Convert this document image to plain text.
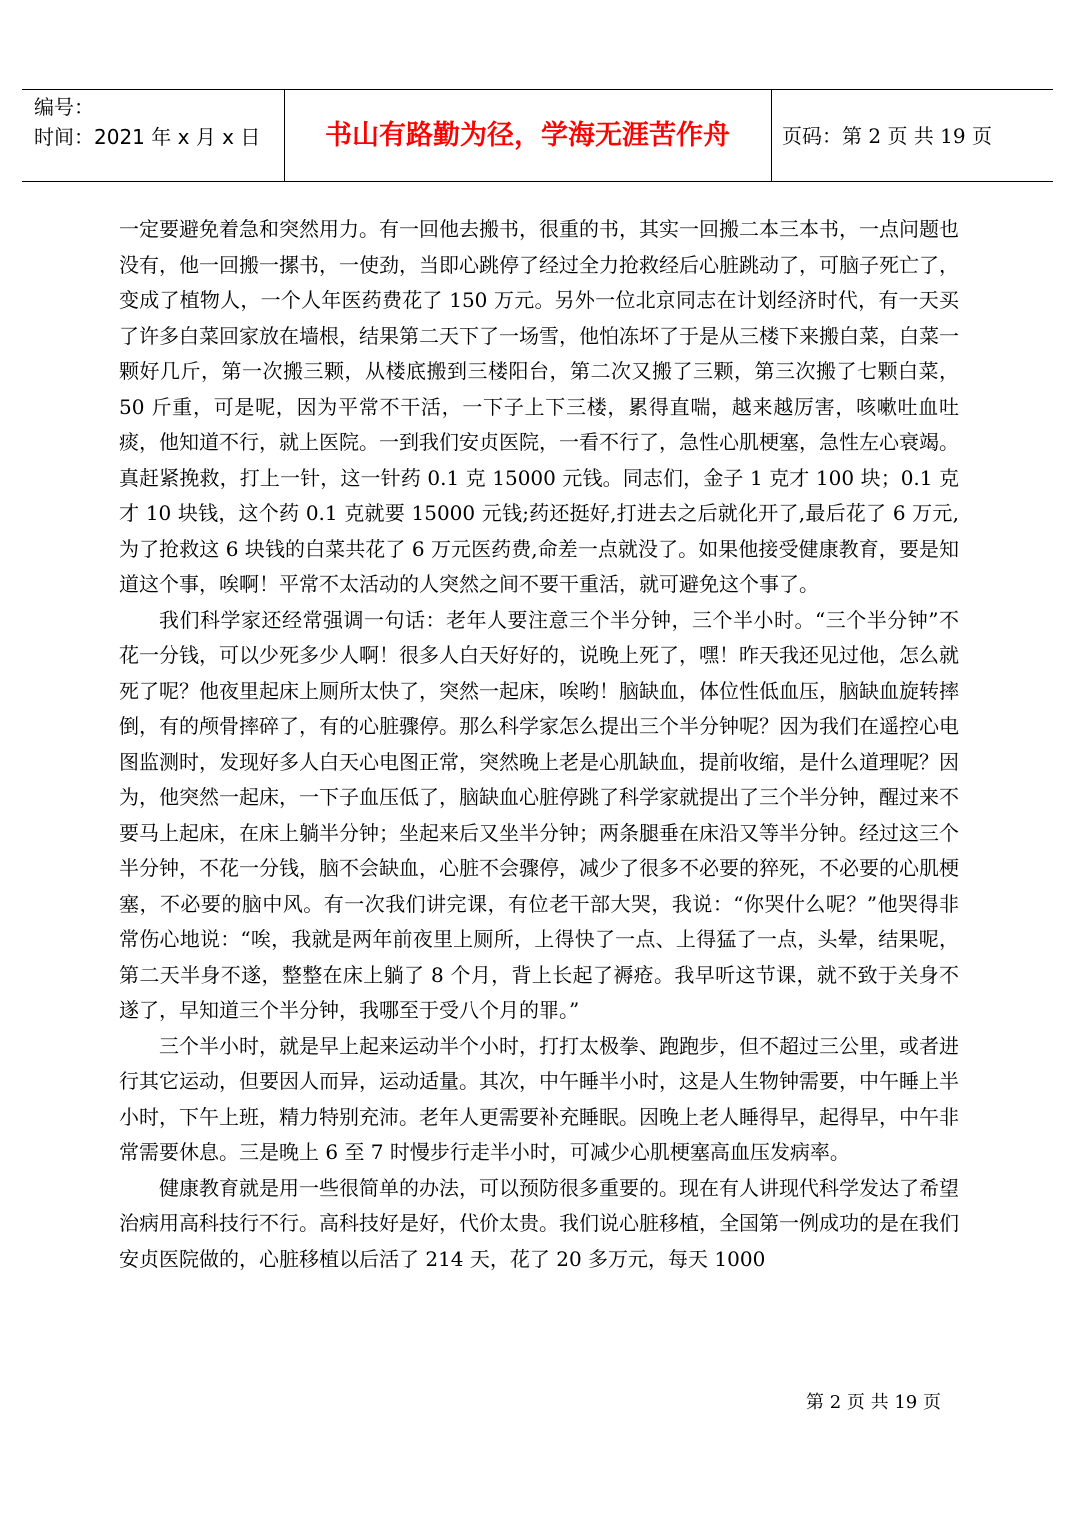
编号：
时间：2021 年 x 月 x 日	书山有路勤为径，学海无涯苦作舟	页码：第 2 页 共 19 页

一定要避免着急和突然用力。有一回他去搬书，很重的书，其实一回搬二本三本书，一点问题也没有，他一回搬一摞书，一使劲，当即心跳停了经过全力抢救经后心脏跳动了，可脑子死亡了，变成了植物人，一个人年医药费花了 150 万元。另外一位北京同志在计划经济时代，有一天买了许多白菜回家放在墙根，结果第二天下了一场雪，他怕冻坏了于是从三楼下来搬白菜，白菜一颗好几斤，第一次搬三颗，从楼底搬到三楼阳台，第二次又搬了三颗，第三次搬了七颗白菜，50 斤重，可是呢，因为平常不干活，一下子上下三楼，累得直喘，越来越厉害，咳嗽吐血吐痰，他知道不行，就上医院。一到我们安贞医院，一看不行了，急性心肌梗塞，急性左心衰竭。真赶紧挽救，打上一针，这一针药 0.1 克 15000 元钱。同志们，金子 1 克才 100 块；0.1 克才 10 块钱，这个药 0.1 克就要 15000 元钱;药还挺好,打进去之后就化开了,最后花了 6 万元,为了抢救这 6 块钱的白菜共花了 6 万元医药费,命差一点就没了。如果他接受健康教育，要是知道这个事，唉啊！平常不太活动的人突然之间不要干重活，就可避免这个事了。

我们科学家还经常强调一句话：老年人要注意三个半分钟，三个半小时。“三个半分钟”不花一分钱，可以少死多少人啊！很多人白天好好的，说晚上死了，嘿！昨天我还见过他，怎么就死了呢？他夜里起床上厕所太快了，突然一起床，唉哟！脑缺血，体位性低血压，脑缺血旋转摔倒，有的颅骨摔碎了，有的心脏骤停。那么科学家怎么提出三个半分钟呢？因为我们在遥控心电图监测时，发现好多人白天心电图正常，突然晚上老是心肌缺血，提前收缩，是什么道理呢？因为，他突然一起床，一下子血压低了，脑缺血心脏停跳了科学家就提出了三个半分钟，醒过来不要马上起床，在床上躺半分钟；坐起来后又坐半分钟；两条腿垂在床沿又等半分钟。经过这三个半分钟，不花一分钱，脑不会缺血，心脏不会骤停，减少了很多不必要的猝死，不必要的心肌梗塞，不必要的脑中风。有一次我们讲完课，有位老干部大哭，我说：“你哭什么呢？”他哭得非常伤心地说：“唉，我就是两年前夜里上厕所，上得快了一点、上得猛了一点，头晕，结果呢，第二天半身不遂，整整在床上躺了 8 个月，背上长起了褥疮。我早听这节课，就不致于关身不遂了，早知道三个半分钟，我哪至于受八个月的罪。”

三个半小时，就是早上起来运动半个小时，打打太极拳、跑跑步，但不超过三公里，或者进行其它运动，但要因人而异，运动适量。其次，中午睡半小时，这是人生物钟需要，中午睡上半小时，下午上班，精力特别充沛。老年人更需要补充睡眠。因晚上老人睡得早，起得早，中午非常需要休息。三是晚上 6 至 7 时慢步行走半小时，可减少心肌梗塞高血压发病率。

健康教育就是用一些很简单的办法，可以预防很多重要的。现在有人讲现代科学发达了希望治病用高科技行不行。高科技好是好，代价太贵。我们说心脏移植，全国第一例成功的是在我们安贞医院做的，心脏移植以后活了 214 天，花了 20 多万元，每天 1000

第 2 页 共 19 页
